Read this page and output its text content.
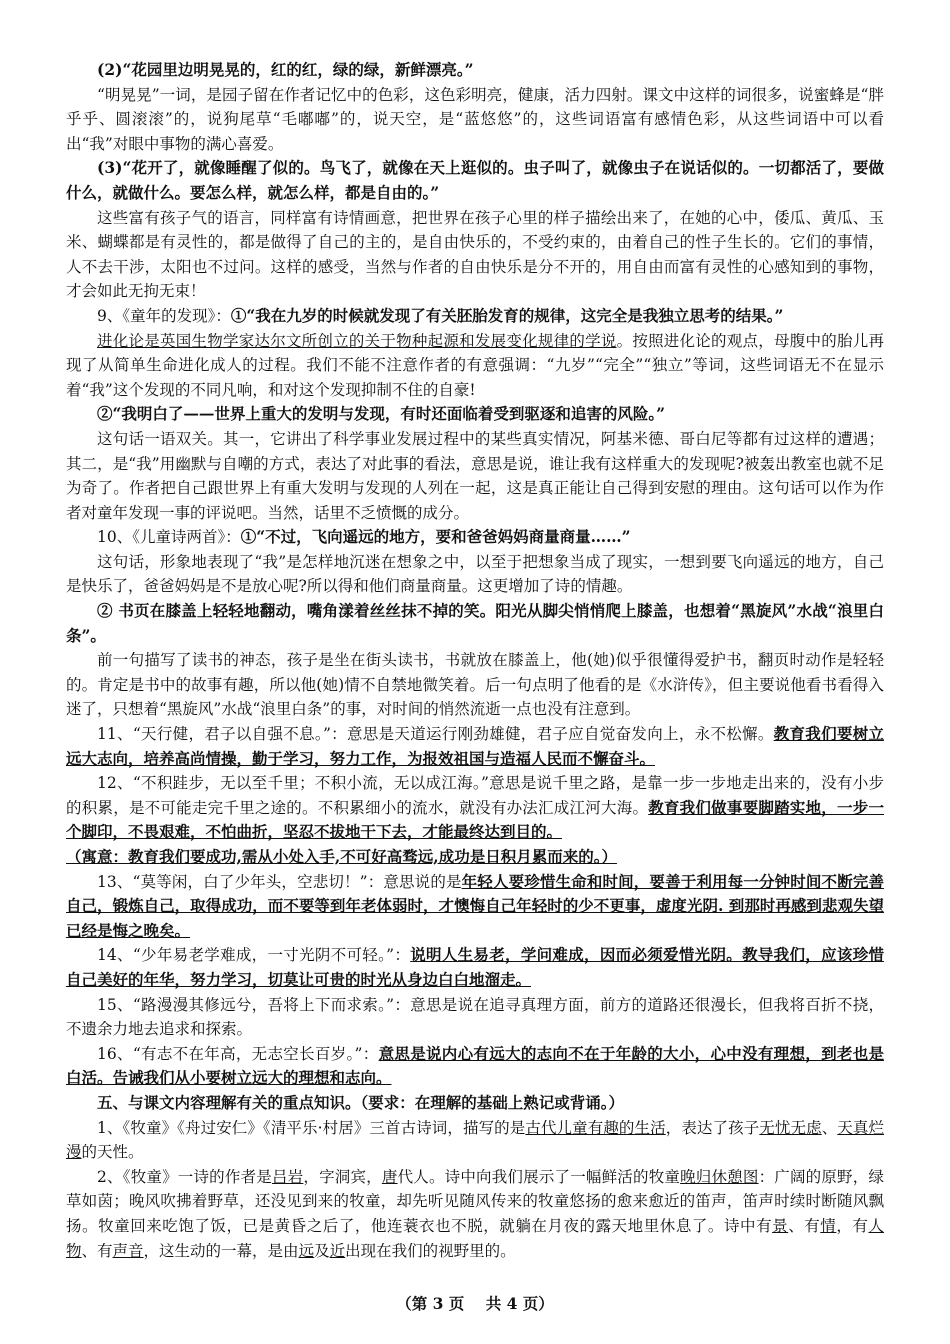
(2)“花园里边明晃晃的，红的红，绿的绿，新鲜漂亮。”

“明晃晃”一词，是园子留在作者记忆中的色彩，这色彩明亮，健康，活力四射。课文中这样的词很多，说蜜蜂是“胖乎乎、圆滚滚”的，说狗尾草“毛嘟嘟”的，说天空，是“蓝悠悠”的，这些词语富有感情色彩，从这些词语中可以看出“我”对眼中事物的满心喜爱。

(3)“花开了，就像睡醒了似的。鸟飞了，就像在天上逛似的。虫子叫了，就像虫子在说话似的。一切都活了，要做什么，就做什么。要怎么样，就怎么样，都是自由的。”

这些富有孩子气的语言，同样富有诗情画意，把世界在孩子心里的样子描绘出来了，在她的心中，倭瓜、黄瓜、玉米、蝴蝶都是有灵性的，都是做得了自己的主的，是自由快乐的，不受约束的，由着自己的性子生长的。它们的事情，人不去干涉，太阳也不过问。这样的感受，当然与作者的自由快乐是分不开的，用自由而富有灵性的心感知到的事物，才会如此无拘无束！

9、《童年的发现》：①“我在九岁的时候就发现了有关胚胎发育的规律，这完全是我独立思考的结果。”

进化论是英国生物学家达尔文所创立的关于物种起源和发展变化规律的学说。按照进化论的观点，母腹中的胎儿再现了从简单生命进化成人的过程。我们不能不注意作者的有意强调：“九岁”“完全”“独立”等词，这些词语无不在显示着“我”这个发现的不同凡响，和对这个发现抑制不住的自豪!

②“我明白了——世界上重大的发明与发现，有时还面临着受到驱逐和追害的风险。”

这句话一语双关。其一，它讲出了科学事业发展过程中的某些真实情况，阿基米德、哥白尼等都有过这样的遭遇；其二，是“我”用幽默与自嘲的方式，表达了对此事的看法，意思是说，谁让我有这样重大的发现呢?被轰出教室也就不足为奇了。作者把自己跟世界上有重大发明与发现的人列在一起，这是真正能让自己得到安慰的理由。这句话可以作为作者对童年发现一事的评说吧。当然，话里不乏愤慨的成分。

10、《儿童诗两首》：①“不过，飞向遥远的地方，要和爸爸妈妈商量商量……”

这句话，形象地表现了“我”是怎样地沉迷在想象之中，以至于把想象当成了现实，一想到要飞向遥远的地方，自己是快乐了，爸爸妈妈是不是放心呢?所以得和他们商量商量。这更增加了诗的情趣。

② 书页在膝盖上轻轻地翻动，嘴角漾着丝丝抹不掉的笑。阳光从脚尖悄悄爬上膝盖，也想着“黑旋风”水战“浪里白条”。

前一句描写了读书的神态，孩子是坐在街头读书，书就放在膝盖上，他(她)似乎很懂得爱护书，翻页时动作是轻轻的。肯定是书中的故事有趣，所以他(她)情不自禁地微笑着。后一句点明了他看的是《水浒传》，但主要说他看书看得入迷了，只想着“黑旋风”水战“浪里白条”的事，对时间的悄然流逝一点也没有注意到。

11、“天行健，君子以自强不息。”：意思是天道运行刚劲雄健，君子应自觉奋发向上，永不松懈。教育我们要树立远大志向，培养高尚情操，勤于学习，努力工作，为报效祖国与造福人民而不懈奋斗。

12、“不积跬步，无以至千里；不积小流，无以成江海。”意思是说千里之路，是靠一步一步地走出来的，没有小步的积累，是不可能走完千里之途的。不积累细小的流水，就没有办法汇成江河大海。教育我们做事要脚踏实地，一步一个脚印，不畏艰难，不怕曲折，坚忍不拔地干下去，才能最终达到目的。

（寓意：教育我们要成功,需从小处入手,不可好高骛远,成功是日积月累而来的。）

13、“莫等闲，白了少年头，空悲切！”：意思说的是年轻人要珍惜生命和时间，要善于利用每一分钟时间不断完善自己，锻炼自己，取得成功，而不要等到年老体弱时，才懊悔自己年轻时的少不更事，虚度光阴. 到那时再感到悲观失望已经是悔之晚矣。

14、“少年易老学难成，一寸光阴不可轻。”：说明人生易老，学问难成，因而必须爱惜光阴。教导我们，应该珍惜自己美好的年华，努力学习，切莫让可贵的时光从身边白白地溜走。

15、“路漫漫其修远兮，吾将上下而求索。”：意思是说在追寻真理方面，前方的道路还很漫长，但我将百折不挠，不遗余力地去追求和探索。

16、“有志不在年高，无志空长百岁。”：意思是说内心有远大的志向不在于年龄的大小，心中没有理想，到老也是白活。告诫我们从小要树立远大的理想和志向。

五、与课文内容理解有关的重点知识。（要求：在理解的基础上熟记或背诵。）

1、《牧童》《舟过安仁》《清平乐·村居》三首古诗词，描写的是古代儿童有趣的生活，表达了孩子无忧无虑、天真烂漫的天性。

2、《牧童》一诗的作者是吕岩，字洞宾，唐代人。诗中向我们展示了一幅鲜活的牧童晚归休憩图：广阔的原野，绿草如茵；晚风吹拂着野草，还没见到来的牧童，却先听见随风传来的牧童悠扬的愈来愈近的笛声，笛声时续时断随风飘扬。牧童回来吃饱了饭，已是黄昏之后了，他连蓑衣也不脱，就躺在月夜的露天地里休息了。诗中有景、有情，有人物、有声音，这生动的一幕，是由远及近出现在我们的视野里的。

（第 3 页 共 4 页）
